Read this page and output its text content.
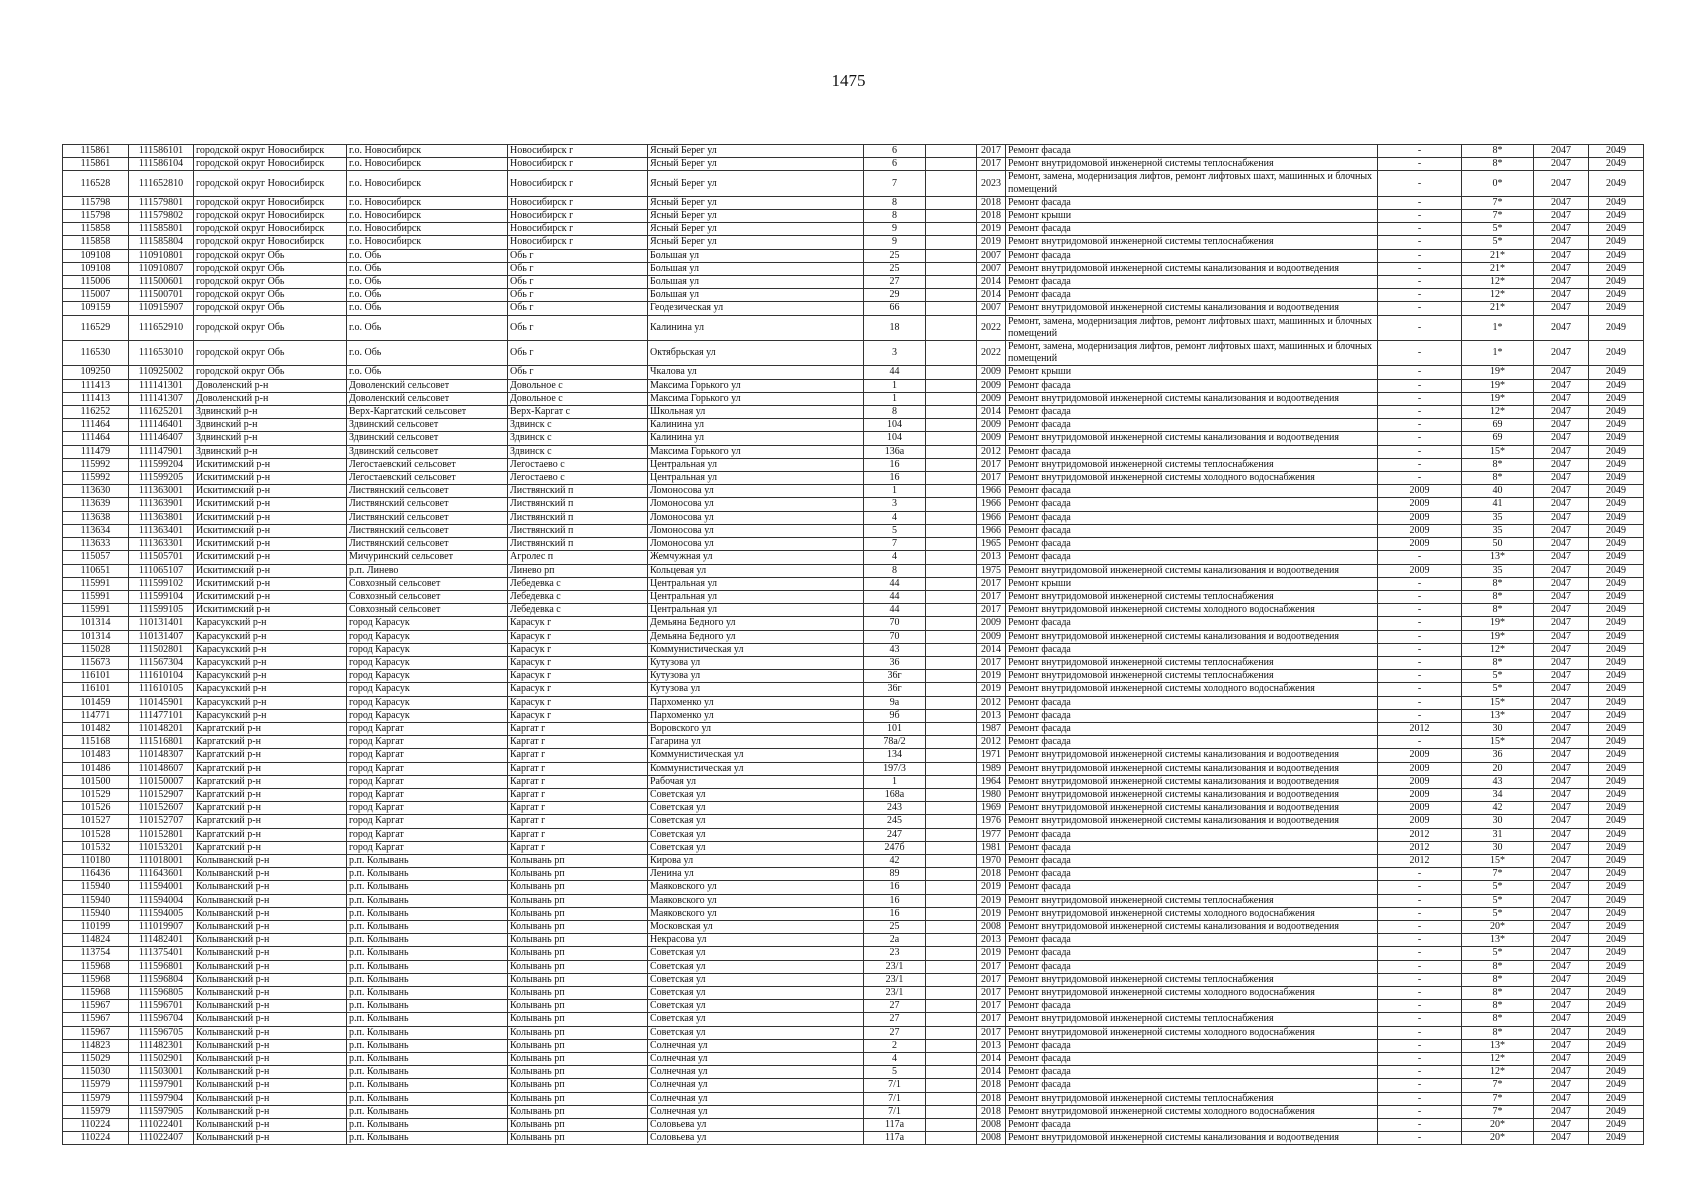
1475
115861	111586101	городской округ Новосибирск	г.о. Новосибирск	Новосибирск г	Ясный Берег ул	6		2017	Ремонт фасада	-	8*	2047	2049
115861	111586104	городской округ Новосибирск	г.о. Новосибирск	Новосибирск г	Ясный Берег ул	6		2017	Ремонт внутридомовой инженерной системы теплоснабжения	-	8*	2047	2049
116528	111652810	городской округ Новосибирск	г.о. Новосибирск	Новосибирск г	Ясный Берег ул	7		2023	Ремонт, замена, модернизация лифтов, ремонт лифтовых шахт, машинных и блочных помещений	-	0*	2047	2049
115798	111579801	городской округ Новосибирск	г.о. Новосибирск	Новосибирск г	Ясный Берег ул	8		2018	Ремонт фасада	-	7*	2047	2049
115798	111579802	городской округ Новосибирск	г.о. Новосибирск	Новосибирск г	Ясный Берег ул	8		2018	Ремонт крыши	-	7*	2047	2049
115858	111585801	городской округ Новосибирск	г.о. Новосибирск	Новосибирск г	Ясный Берег ул	9		2019	Ремонт фасада	-	5*	2047	2049
115858	111585804	городской округ Новосибирск	г.о. Новосибирск	Новосибирск г	Ясный Берег ул	9		2019	Ремонт внутридомовой инженерной системы теплоснабжения	-	5*	2047	2049
109108	110910801	городской округ Обь	г.о. Обь	Обь г	Большая ул	25		2007	Ремонт фасада	-	21*	2047	2049
109108	110910807	городской округ Обь	г.о. Обь	Обь г	Большая ул	25		2007	Ремонт внутридомовой инженерной системы канализования и водоотведения	-	21*	2047	2049
115006	111500601	городской округ Обь	г.о. Обь	Обь г	Большая ул	27		2014	Ремонт фасада	-	12*	2047	2049
115007	111500701	городской округ Обь	г.о. Обь	Обь г	Большая ул	29		2014	Ремонт фасада	-	12*	2047	2049
109159	110915907	городской округ Обь	г.о. Обь	Обь г	Геодезическая ул	66		2007	Ремонт внутридомовой инженерной системы канализования и водоотведения	-	21*	2047	2049
116529	111652910	городской округ Обь	г.о. Обь	Обь г	Калинина ул	18		2022	Ремонт, замена, модернизация лифтов, ремонт лифтовых шахт, машинных и блочных помещений	-	1*	2047	2049
116530	111653010	городской округ Обь	г.о. Обь	Обь г	Октябрьская ул	3		2022	Ремонт, замена, модернизация лифтов, ремонт лифтовых шахт, машинных и блочных помещений	-	1*	2047	2049
109250	110925002	городской округ Обь	г.о. Обь	Обь г	Чкалова ул	44		2009	Ремонт крыши	-	19*	2047	2049
111413	111141301	Доволенский р-н	Доволенский сельсовет	Довольное с	Максима Горького ул	1		2009	Ремонт фасада	-	19*	2047	2049
111413	111141307	Доволенский р-н	Доволенский сельсовет	Довольное с	Максима Горького ул	1		2009	Ремонт внутридомовой инженерной системы канализования и водоотведения	-	19*	2047	2049
116252	111625201	Здвинский р-н	Верх-Каргатский сельсовет	Верх-Каргат с	Школьная ул	8		2014	Ремонт фасада	-	12*	2047	2049
111464	111146401	Здвинский р-н	Здвинский сельсовет	Здвинск с	Калинина ул	104		2009	Ремонт фасада	-	69	2047	2049
111464	111146407	Здвинский р-н	Здвинский сельсовет	Здвинск с	Калинина ул	104		2009	Ремонт внутридомовой инженерной системы канализования и водоотведения	-	69	2047	2049
111479	111147901	Здвинский р-н	Здвинский сельсовет	Здвинск с	Максима Горького ул	136а		2012	Ремонт фасада	-	15*	2047	2049
115992	111599204	Искитимский р-н	Легостаевский сельсовет	Легостаево с	Центральная ул	16		2017	Ремонт внутридомовой инженерной системы теплоснабжения	-	8*	2047	2049
115992	111599205	Искитимский р-н	Легостаевский сельсовет	Легостаево с	Центральная ул	16		2017	Ремонт внутридомовой инженерной системы холодного водоснабжения	-	8*	2047	2049
113630	111363001	Искитимский р-н	Листвянский сельсовет	Листвянский п	Ломоносова ул	1		1966	Ремонт фасада	2009	40	2047	2049
113639	111363901	Искитимский р-н	Листвянский сельсовет	Листвянский п	Ломоносова ул	3		1966	Ремонт фасада	2009	41	2047	2049
113638	111363801	Искитимский р-н	Листвянский сельсовет	Листвянский п	Ломоносова ул	4		1966	Ремонт фасада	2009	35	2047	2049
113634	111363401	Искитимский р-н	Листвянский сельсовет	Листвянский п	Ломоносова ул	5		1966	Ремонт фасада	2009	35	2047	2049
113633	111363301	Искитимский р-н	Листвянский сельсовет	Листвянский п	Ломоносова ул	7		1965	Ремонт фасада	2009	50	2047	2049
115057	111505701	Искитимский р-н	Мичуринский сельсовет	Агролес п	Жемчужная ул	4		2013	Ремонт фасада	-	13*	2047	2049
110651	111065107	Искитимский р-н	р.п. Линево	Линево рп	Кольцевая ул	8		1975	Ремонт внутридомовой инженерной системы канализования и водоотведения	2009	35	2047	2049
115991	111599102	Искитимский р-н	Совхозный сельсовет	Лебедевка с	Центральная ул	44		2017	Ремонт крыши	-	8*	2047	2049
115991	111599104	Искитимский р-н	Совхозный сельсовет	Лебедевка с	Центральная ул	44		2017	Ремонт внутридомовой инженерной системы теплоснабжения	-	8*	2047	2049
115991	111599105	Искитимский р-н	Совхозный сельсовет	Лебедевка с	Центральная ул	44		2017	Ремонт внутридомовой инженерной системы холодного водоснабжения	-	8*	2047	2049
101314	110131401	Карасукский р-н	город Карасук	Карасук г	Демьяна Бедного ул	70		2009	Ремонт фасада	-	19*	2047	2049
101314	110131407	Карасукский р-н	город Карасук	Карасук г	Демьяна Бедного ул	70		2009	Ремонт внутридомовой инженерной системы канализования и водоотведения	-	19*	2047	2049
115028	111502801	Карасукский р-н	город Карасук	Карасук г	Коммунистическая ул	43		2014	Ремонт фасада	-	12*	2047	2049
115673	111567304	Карасукский р-н	город Карасук	Карасук г	Кутузова ул	36		2017	Ремонт внутридомовой инженерной системы теплоснабжения	-	8*	2047	2049
116101	111610104	Карасукский р-н	город Карасук	Карасук г	Кутузова ул	36г		2019	Ремонт внутридомовой инженерной системы теплоснабжения	-	5*	2047	2049
116101	111610105	Карасукский р-н	город Карасук	Карасук г	Кутузова ул	36г		2019	Ремонт внутридомовой инженерной системы холодного водоснабжения	-	5*	2047	2049
101459	110145901	Карасукский р-н	город Карасук	Карасук г	Пархоменко ул	9а		2012	Ремонт фасада	-	15*	2047	2049
114771	111477101	Карасукский р-н	город Карасук	Карасук г	Пархоменко ул	9б		2013	Ремонт фасада	-	13*	2047	2049
101482	110148201	Каргатский р-н	город Каргат	Каргат г	Воровского ул	101		1987	Ремонт фасада	2012	30	2047	2049
115168	111516801	Каргатский р-н	город Каргат	Каргат г	Гагарина ул	78а/2		2012	Ремонт фасада	-	15*	2047	2049
101483	110148307	Каргатский р-н	город Каргат	Каргат г	Коммунистическая ул	134		1971	Ремонт внутридомовой инженерной системы канализования и водоотведения	2009	36	2047	2049
101486	110148607	Каргатский р-н	город Каргат	Каргат г	Коммунистическая ул	197/3		1989	Ремонт внутридомовой инженерной системы канализования и водоотведения	2009	20	2047	2049
101500	110150007	Каргатский р-н	город Каргат	Каргат г	Рабочая ул	1		1964	Ремонт внутридомовой инженерной системы канализования и водоотведения	2009	43	2047	2049
101529	110152907	Каргатский р-н	город Каргат	Каргат г	Советская ул	168а		1980	Ремонт внутридомовой инженерной системы канализования и водоотведения	2009	34	2047	2049
101526	110152607	Каргатский р-н	город Каргат	Каргат г	Советская ул	243		1969	Ремонт внутридомовой инженерной системы канализования и водоотведения	2009	42	2047	2049
101527	110152707	Каргатский р-н	город Каргат	Каргат г	Советская ул	245		1976	Ремонт внутридомовой инженерной системы канализования и водоотведения	2009	30	2047	2049
101528	110152801	Каргатский р-н	город Каргат	Каргат г	Советская ул	247		1977	Ремонт фасада	2012	31	2047	2049
101532	110153201	Каргатский р-н	город Каргат	Каргат г	Советская ул	247б		1981	Ремонт фасада	2012	30	2047	2049
110180	111018001	Колыванский р-н	р.п. Колывань	Колывань рп	Кирова ул	42		1970	Ремонт фасада	2012	15*	2047	2049
116436	111643601	Колыванский р-н	р.п. Колывань	Колывань рп	Ленина ул	89		2018	Ремонт фасада	-	7*	2047	2049
115940	111594001	Колыванский р-н	р.п. Колывань	Колывань рп	Маяковского ул	16		2019	Ремонт фасада	-	5*	2047	2049
115940	111594004	Колыванский р-н	р.п. Колывань	Колывань рп	Маяковского ул	16		2019	Ремонт внутридомовой инженерной системы теплоснабжения	-	5*	2047	2049
115940	111594005	Колыванский р-н	р.п. Колывань	Колывань рп	Маяковского ул	16		2019	Ремонт внутридомовой инженерной системы холодного водоснабжения	-	5*	2047	2049
110199	111019907	Колыванский р-н	р.п. Колывань	Колывань рп	Московская ул	25		2008	Ремонт внутридомовой инженерной системы канализования и водоотведения	-	20*	2047	2049
114824	111482401	Колыванский р-н	р.п. Колывань	Колывань рп	Некрасова ул	2а		2013	Ремонт фасада	-	13*	2047	2049
113754	111375401	Колыванский р-н	р.п. Колывань	Колывань рп	Советская ул	23		2019	Ремонт фасада	-	5*	2047	2049
115968	111596801	Колыванский р-н	р.п. Колывань	Колывань рп	Советская ул	23/1		2017	Ремонт фасада	-	8*	2047	2049
115968	111596804	Колыванский р-н	р.п. Колывань	Колывань рп	Советская ул	23/1		2017	Ремонт внутридомовой инженерной системы теплоснабжения	-	8*	2047	2049
115968	111596805	Колыванский р-н	р.п. Колывань	Колывань рп	Советская ул	23/1		2017	Ремонт внутридомовой инженерной системы холодного водоснабжения	-	8*	2047	2049
115967	111596701	Колыванский р-н	р.п. Колывань	Колывань рп	Советская ул	27		2017	Ремонт фасада	-	8*	2047	2049
115967	111596704	Колыванский р-н	р.п. Колывань	Колывань рп	Советская ул	27		2017	Ремонт внутридомовой инженерной системы теплоснабжения	-	8*	2047	2049
115967	111596705	Колыванский р-н	р.п. Колывань	Колывань рп	Советская ул	27		2017	Ремонт внутридомовой инженерной системы холодного водоснабжения	-	8*	2047	2049
114823	111482301	Колыванский р-н	р.п. Колывань	Колывань рп	Солнечная ул	2		2013	Ремонт фасада	-	13*	2047	2049
115029	111502901	Колыванский р-н	р.п. Колывань	Колывань рп	Солнечная ул	4		2014	Ремонт фасада	-	12*	2047	2049
115030	111503001	Колыванский р-н	р.п. Колывань	Колывань рп	Солнечная ул	5		2014	Ремонт фасада	-	12*	2047	2049
115979	111597901	Колыванский р-н	р.п. Колывань	Колывань рп	Солнечная ул	7/1		2018	Ремонт фасада	-	7*	2047	2049
115979	111597904	Колыванский р-н	р.п. Колывань	Колывань рп	Солнечная ул	7/1		2018	Ремонт внутридомовой инженерной системы теплоснабжения	-	7*	2047	2049
115979	111597905	Колыванский р-н	р.п. Колывань	Колывань рп	Солнечная ул	7/1		2018	Ремонт внутридомовой инженерной системы холодного водоснабжения	-	7*	2047	2049
110224	111022401	Колыванский р-н	р.п. Колывань	Колывань рп	Соловьева ул	117а		2008	Ремонт фасада	-	20*	2047	2049
110224	111022407	Колыванский р-н	р.п. Колывань	Колывань рп	Соловьева ул	117а		2008	Ремонт внутридомовой инженерной системы канализования и водоотведения	-	20*	2047	2049
